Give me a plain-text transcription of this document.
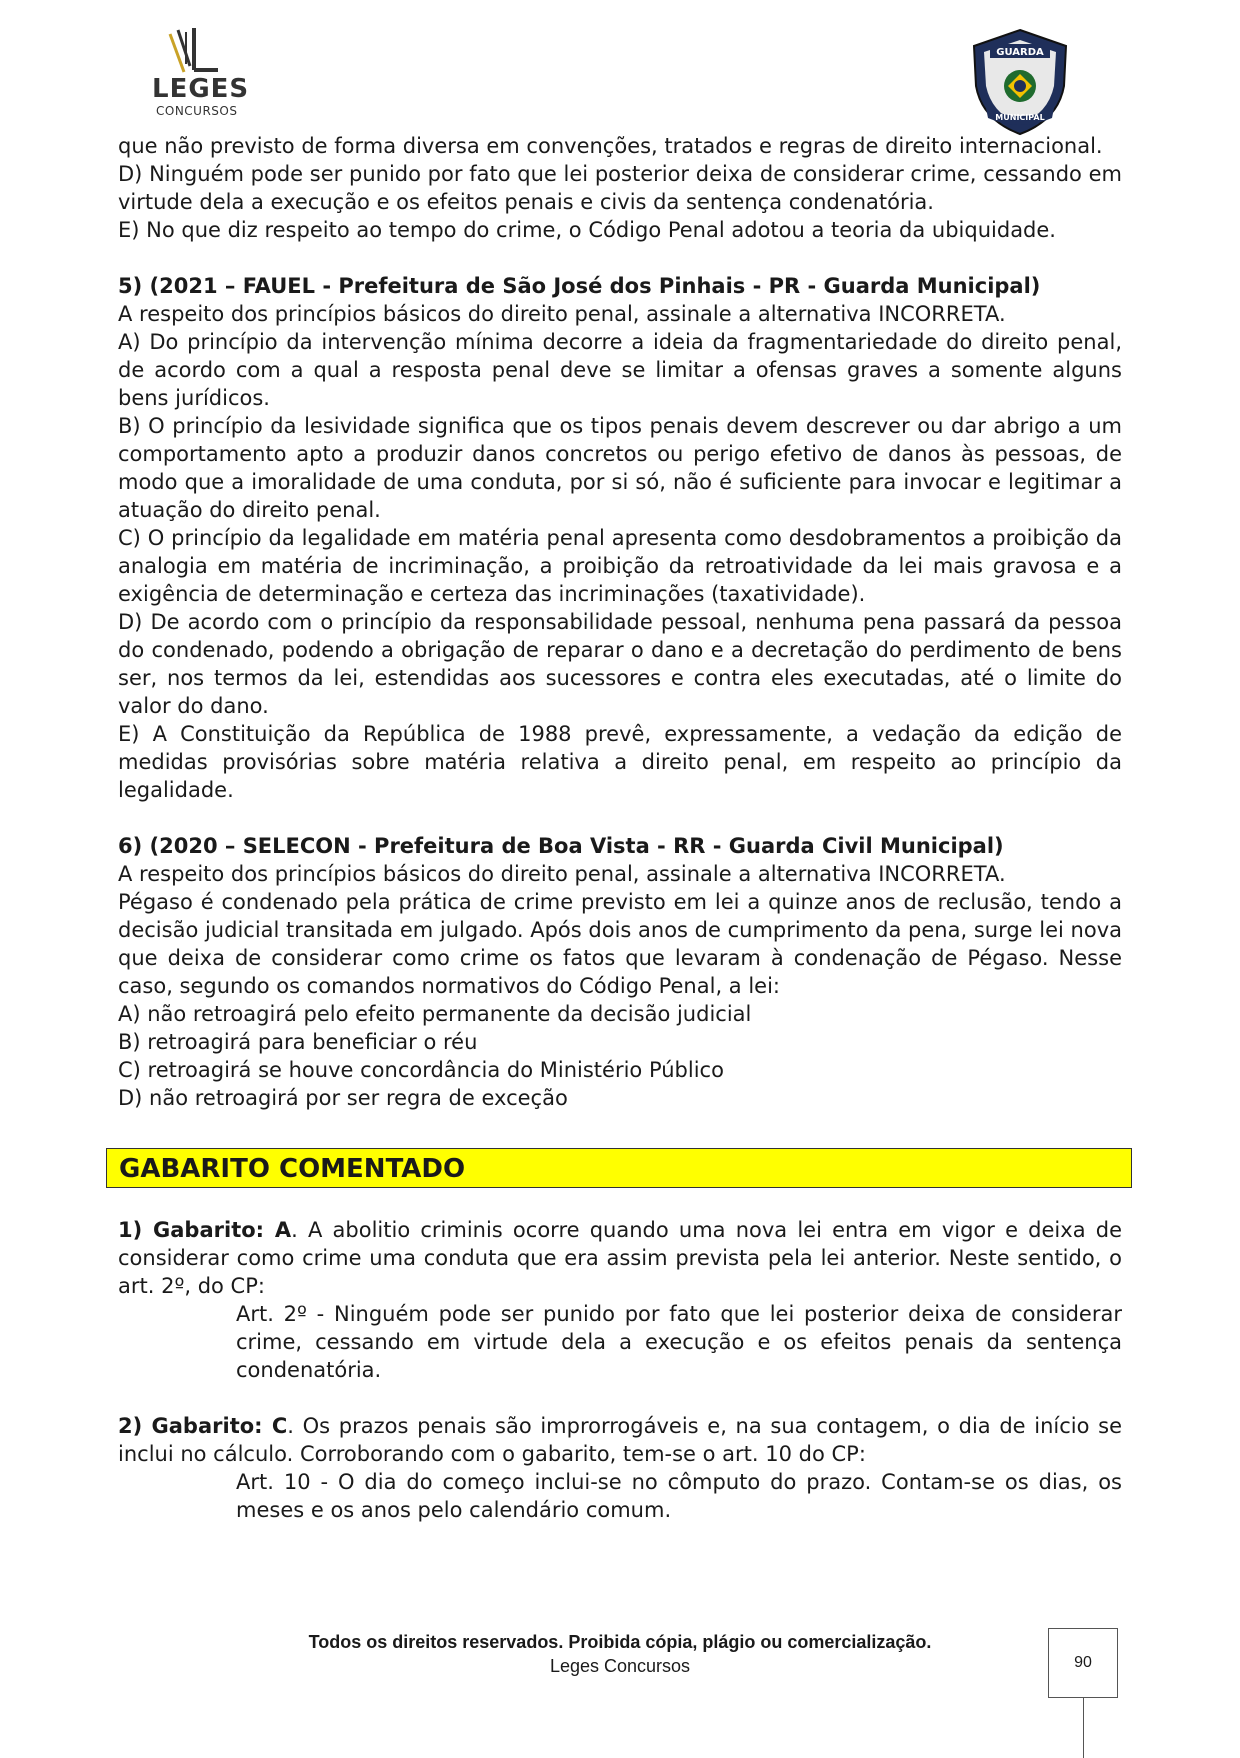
LEGES
CONCURSOS
GUARDA
MUNICIPAL

que não previsto de forma diversa em convenções, tratados e regras de direito internacional.

D) Ninguém pode ser punido por fato que lei posterior deixa de considerar crime, cessando em virtude dela a execução e os efeitos penais e civis da sentença condenatória.

E) No que diz respeito ao tempo do crime, o Código Penal adotou a teoria da ubiquidade.

5) (2021 – FAUEL - Prefeitura de São José dos Pinhais - PR - Guarda Municipal)

A respeito dos princípios básicos do direito penal, assinale a alternativa INCORRETA.

A) Do princípio da intervenção mínima decorre a ideia da fragmentariedade do direito penal, de acordo com a qual a resposta penal deve se limitar a ofensas graves a somente alguns bens jurídicos.

B) O princípio da lesividade significa que os tipos penais devem descrever ou dar abrigo a um comportamento apto a produzir danos concretos ou perigo efetivo de danos às pessoas, de modo que a imoralidade de uma conduta, por si só, não é suficiente para invocar e legitimar a atuação do direito penal.

C) O princípio da legalidade em matéria penal apresenta como desdobramentos a proibição da analogia em matéria de incriminação, a proibição da retroatividade da lei mais gravosa e a exigência de determinação e certeza das incriminações (taxatividade).

D) De acordo com o princípio da responsabilidade pessoal, nenhuma pena passará da pessoa do condenado, podendo a obrigação de reparar o dano e a decretação do perdimento de bens ser, nos termos da lei, estendidas aos sucessores e contra eles executadas, até o limite do valor do dano.

E) A Constituição da República de 1988 prevê, expressamente, a vedação da edição de medidas provisórias sobre matéria relativa a direito penal, em respeito ao princípio da legalidade.

6) (2020 – SELECON - Prefeitura de Boa Vista - RR - Guarda Civil Municipal)

A respeito dos princípios básicos do direito penal, assinale a alternativa INCORRETA.

Pégaso é condenado pela prática de crime previsto em lei a quinze anos de reclusão, tendo a decisão judicial transitada em julgado. Após dois anos de cumprimento da pena, surge lei nova que deixa de considerar como crime os fatos que levaram à condenação de Pégaso. Nesse caso, segundo os comandos normativos do Código Penal, a lei:

A) não retroagirá pelo efeito permanente da decisão judicial

B) retroagirá para beneficiar o réu

C) retroagirá se houve concordância do Ministério Público

D) não retroagirá por ser regra de exceção

GABARITO COMENTADO

1) Gabarito: A. A abolitio criminis ocorre quando uma nova lei entra em vigor e deixa de considerar como crime uma conduta que era assim prevista pela lei anterior. Neste sentido, o art. 2º, do CP:

Art. 2º - Ninguém pode ser punido por fato que lei posterior deixa de considerar crime, cessando em virtude dela a execução e os efeitos penais da sentença condenatória.

2) Gabarito: C. Os prazos penais são improrrogáveis e, na sua contagem, o dia de início se inclui no cálculo. Corroborando com o gabarito, tem-se o art. 10 do CP:

Art. 10 - O dia do começo inclui-se no cômputo do prazo. Contam-se os dias, os meses e os anos pelo calendário comum.

Todos os direitos reservados. Proibida cópia, plágio ou comercialização.
Leges Concursos	90
